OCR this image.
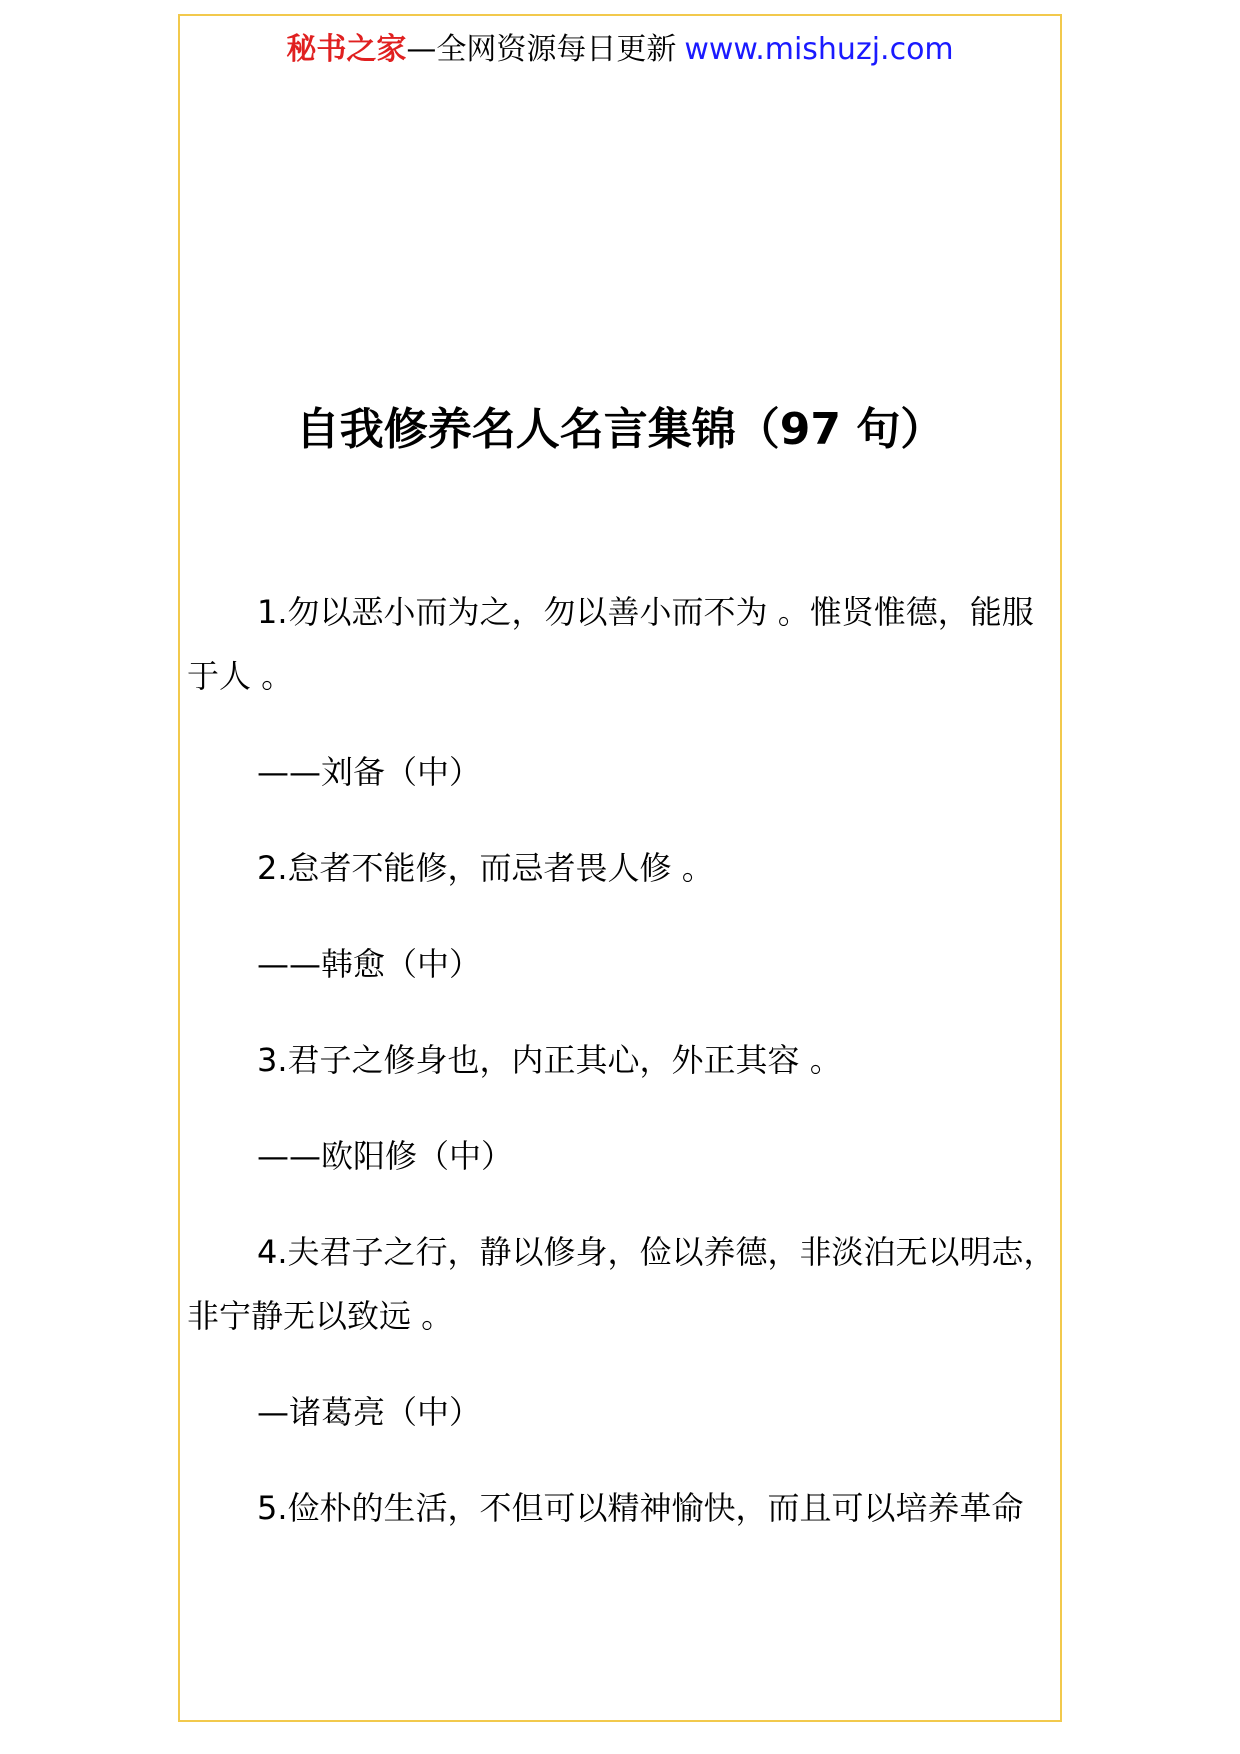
秘书之家—全网资源每日更新 www.mishuzj.com
自我修养名人名言集锦（97 句）

1.勿以恶小而为之，勿以善小而不为 。惟贤惟德，能服于人 。

——刘备（中）

2.怠者不能修，而忌者畏人修 。

——韩愈（中）

3.君子之修身也，内正其心，外正其容 。

——欧阳修（中）

4.夫君子之行，静以修身，俭以养德，非淡泊无以明志，非宁静无以致远 。

—诸葛亮（中）

5.俭朴的生活，不但可以精神愉快，而且可以培养革命
